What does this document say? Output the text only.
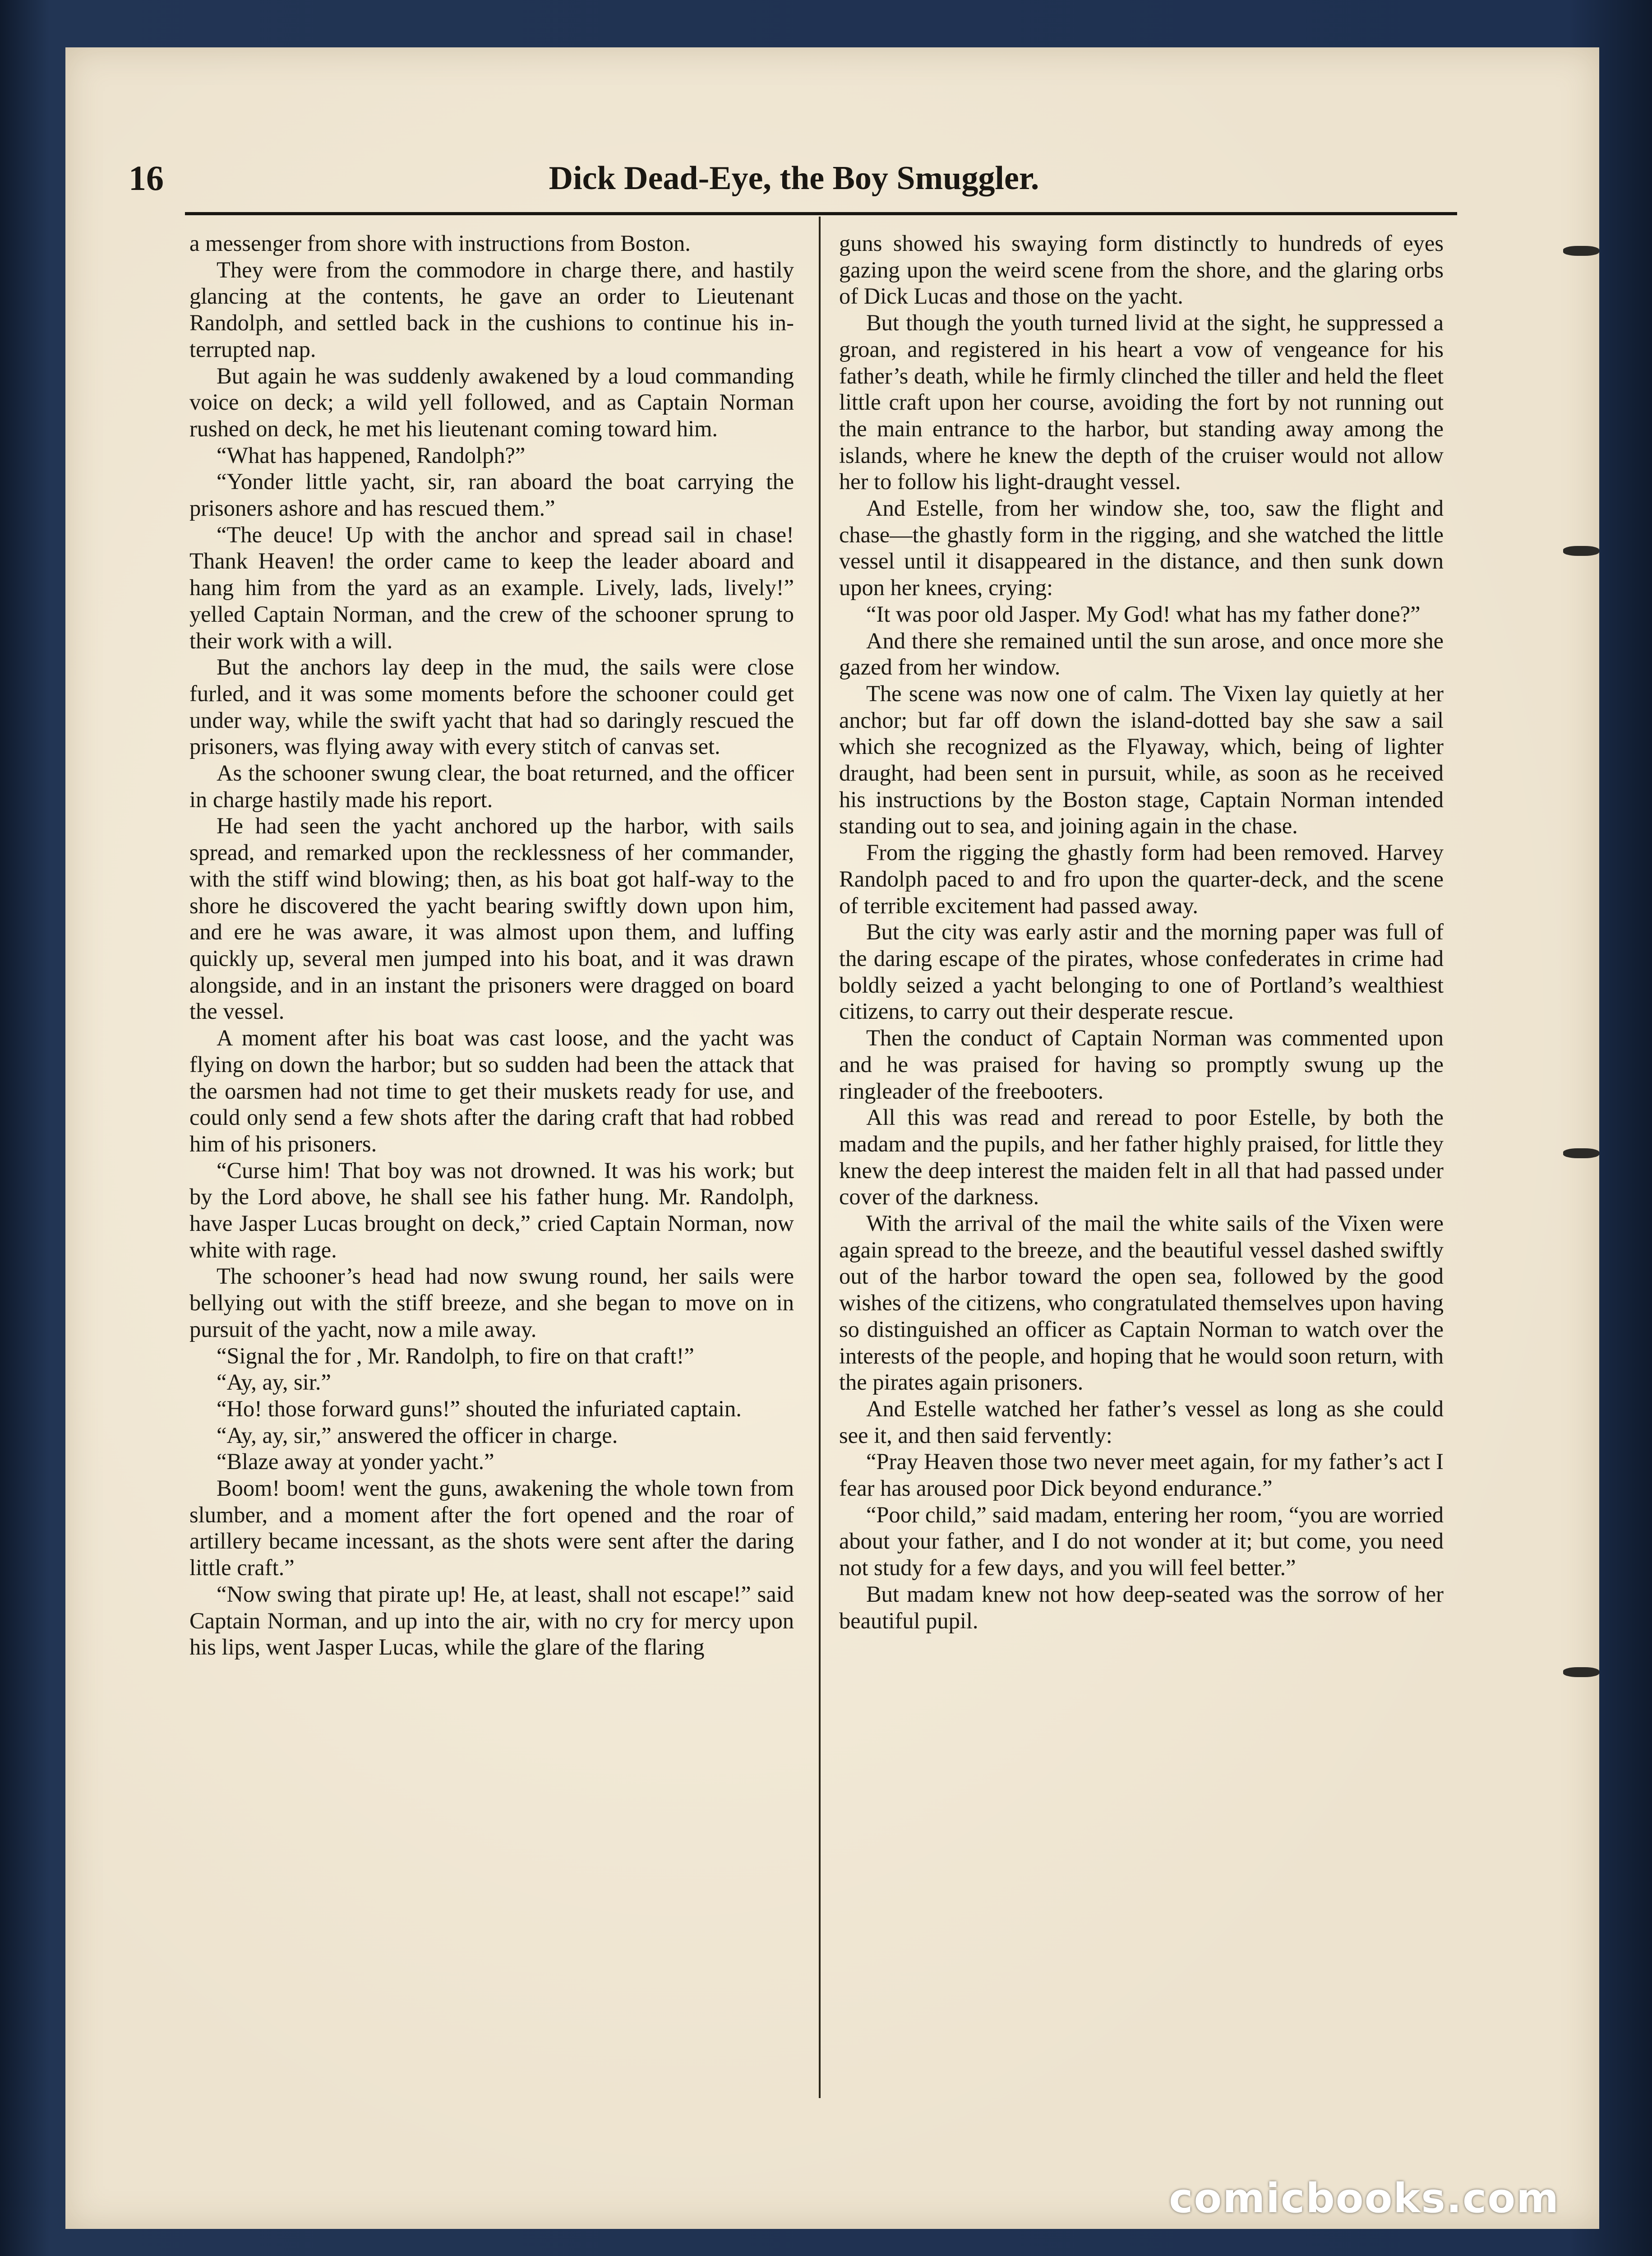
16	Dick Dead-Eye, the Boy Smuggler.

a messenger from shore with instructions from Boston.

They were from the commodore in charge there, and hastily glancing at the contents, he gave an order to Lieutenant Randolph, and settled back in the cushions to continue his interrupted nap.

But again he was suddenly awakened by a loud commanding voice on deck; a wild yell followed, and as Captain Norman rushed on deck, he met his lieutenant coming toward him.

“What has happened, Randolph?”

“Yonder little yacht, sir, ran aboard the boat carrying the prisoners ashore and has rescued them.”

“The deuce! Up with the anchor and spread sail in chase! Thank Heaven! the order came to keep the leader aboard and hang him from the yard as an example. Lively, lads, lively!” yelled Captain Norman, and the crew of the schooner sprung to their work with a will.

But the anchors lay deep in the mud, the sails were close furled, and it was some moments before the schooner could get under way, while the swift yacht that had so daringly rescued the prisoners, was flying away with every stitch of canvas set.

As the schooner swung clear, the boat returned, and the officer in charge hastily made his report.

He had seen the yacht anchored up the harbor, with sails spread, and remarked upon the recklessness of her commander, with the stiff wind blowing; then, as his boat got half-way to the shore he discovered the yacht bearing swiftly down upon him, and ere he was aware, it was almost upon them, and luffing quickly up, several men jumped into his boat, and it was drawn alongside, and in an instant the prisoners were dragged on board the vessel.

A moment after his boat was cast loose, and the yacht was flying on down the harbor; but so sudden had been the attack that the oarsmen had not time to get their muskets ready for use, and could only send a few shots after the daring craft that had robbed him of his prisoners.

“Curse him! That boy was not drowned. It was his work; but by the Lord above, he shall see his father hung. Mr. Randolph, have Jasper Lucas brought on deck,” cried Captain Norman, now white with rage.

The schooner’s head had now swung round, her sails were bellying out with the stiff breeze, and she began to move on in pursuit of the yacht, now a mile away.

“Signal the for , Mr. Randolph, to fire on that craft!”

“Ay, ay, sir.”

“Ho! those forward guns!” shouted the infuriated captain.

“Ay, ay, sir,” answered the officer in charge.

“Blaze away at yonder yacht.”

Boom! boom! went the guns, awakening the whole town from slumber, and a moment after the fort opened and the roar of artillery became incessant, as the shots were sent after the daring little craft.”

“Now swing that pirate up! He, at least, shall not escape!” said Captain Norman, and up into the air, with no cry for mercy upon his lips, went Jasper Lucas, while the glare of the flaring

guns showed his swaying form distinctly to hundreds of eyes gazing upon the weird scene from the shore, and the glaring orbs of Dick Lucas and those on the yacht.

But though the youth turned livid at the sight, he suppressed a groan, and registered in his heart a vow of vengeance for his father’s death, while he firmly clinched the tiller and held the fleet little craft upon her course, avoiding the fort by not running out the main entrance to the harbor, but standing away among the islands, where he knew the depth of the cruiser would not allow her to follow his light-draught vessel.

And Estelle, from her window she, too, saw the flight and chase—the ghastly form in the rigging, and she watched the little vessel until it disappeared in the distance, and then sunk down upon her knees, crying:

“It was poor old Jasper. My God! what has my father done?”

And there she remained until the sun arose, and once more she gazed from her window.

The scene was now one of calm. The Vixen lay quietly at her anchor; but far off down the island-dotted bay she saw a sail which she recognized as the Flyaway, which, being of lighter draught, had been sent in pursuit, while, as soon as he received his instructions by the Boston stage, Captain Norman intended standing out to sea, and joining again in the chase.

From the rigging the ghastly form had been removed. Harvey Randolph paced to and fro upon the quarter-deck, and the scene of terrible excitement had passed away.

But the city was early astir and the morning paper was full of the daring escape of the pirates, whose confederates in crime had boldly seized a yacht belonging to one of Portland’s wealthiest citizens, to carry out their desperate rescue.

Then the conduct of Captain Norman was commented upon and he was praised for having so promptly swung up the ringleader of the freebooters.

All this was read and reread to poor Estelle, by both the madam and the pupils, and her father highly praised, for little they knew the deep interest the maiden felt in all that had passed under cover of the darkness.

With the arrival of the mail the white sails of the Vixen were again spread to the breeze, and the beautiful vessel dashed swiftly out of the harbor toward the open sea, followed by the good wishes of the citizens, who congratulated themselves upon having so distinguished an officer as Captain Norman to watch over the interests of the people, and hoping that he would soon return, with the pirates again prisoners.

And Estelle watched her father’s vessel as long as she could see it, and then said fervently:

“Pray Heaven those two never meet again, for my father’s act I fear has aroused poor Dick beyond endurance.”

“Poor child,” said madam, entering her room, “you are worried about your father, and I do not wonder at it; but come, you need not study for a few days, and you will feel better.”

But madam knew not how deep-seated was the sorrow of her beautiful pupil.

comicbooks.com
